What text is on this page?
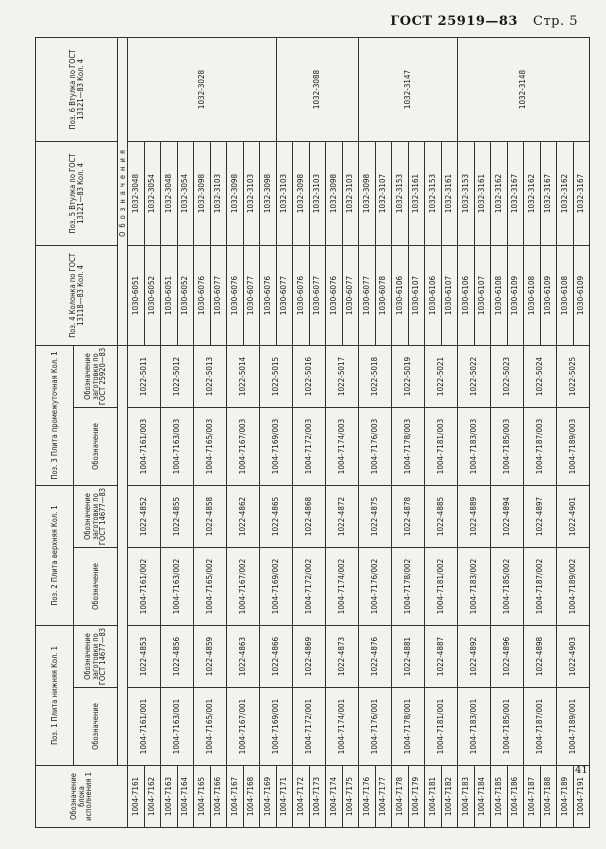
ГОСТ 25919—83 Стр. 5
Обозначение блока исполнения 1	Поз. 1 Плита нижняя Кол. 1		Поз. 2 Плита верхняя Кол. 1		Поз. 3 Плита промежуточная Кол. 1		Поз. 4 Колонка по ГОСТ 13118—83 Кол. 4	Поз. 5 Втулка по ГОСТ 13121—83 Кол. 4	Поз. 6 Втулка по ГОСТ 13121—83 Кол. 4
	Обозначение	Обозначение заготовки по ГОСТ 14677—83	Обозначение	Обозначение заготовки по ГОСТ 14677—83	Обозначение	Обозначение заготовки по ГОСТ 25920—83			
							Обозначения		
1004-7161	1004-7161/001	1022-4853	1004-7161/002	1022-4852	1004-7161/003	1022-5011	1030-6051	1032-3048	1032-3028
1004-7162							1030-6052	1032-3054	
1004-7163	1004-7163/001	1022-4856	1004-7163/002	1022-4855	1004-7163/003	1022-5012	1030-6051	1032-3048	
1004-7164							1030-6052	1032-3054	
1004-7165	1004-7165/001	1022-4859	1004-7165/002	1022-4858	1004-7165/003	1022-5013	1030-6076	1032-3098	
1004-7166							1030-6077	1032-3103	
1004-7167	1004-7167/001	1022-4863	1004-7167/002	1022-4862	1004-7167/003	1022-5014	1030-6076	1032-3098	
1004-7168							1030-6077	1032-3103	
1004-7169	1004-7169/001	1022-4866	1004-7169/002	1022-4865	1004-7169/003	1022-5015	1030-6076	1032-3098	
1004-7171							1030-6077	1032-3103	1032-3088
1004-7172	1004-7172/001	1022-4869	1004-7172/002	1022-4868	1004-7172/003	1022-5016	1030-6076	1032-3098	
1004-7173							1030-6077	1032-3103	
1004-7174	1004-7174/001	1022-4873	1004-7174/002	1022-4872	1004-7174/003	1022-5017	1030-6076	1032-3098	
1004-7175							1030-6077	1032-3103	
1004-7176	1004-7176/001	1022-4876	1004-7176/002	1022-4875	1004-7176/003	1022-5018	1030-6077	1032-3098	1032-3147
1004-7177							1030-6078	1032-3107	
1004-7178	1004-7178/001	1022-4881	1004-7178/002	1022-4878	1004-7178/003	1022-5019	1030-6106	1032-3153	
1004-7179							1030-6107	1032-3161	
1004-7181	1004-7181/001	1022-4887	1004-7181/002	1022-4885	1004-7181/003	1022-5021	1030-6106	1032-3153	
1004-7182							1030-6107	1032-3161	
1004-7183	1004-7183/001	1022-4892	1004-7183/002	1022-4889	1004-7183/003	1022-5022	1030-6106	1032-3153	1032-3148
1004-7184							1030-6107	1032-3161	
1004-7185	1004-7185/001	1022-4896	1004-7185/002	1022-4894	1004-7185/003	1022-5023	1030-6108	1032-3162	
1004-7186							1030-6109	1032-3167	
1004-7187	1004-7187/001	1022-4898	1004-7187/002	1022-4897	1004-7187/003	1022-5024	1030-6108	1032-3162	
1004-7188							1030-6109	1032-3167	
1004-7189	1004-7189/001	1022-4903	1004-7189/002	1022-4901	1004-7189/003	1022-5025	1030-6108	1032-3162	
1004-7191							1030-6109	1032-3167	
41
